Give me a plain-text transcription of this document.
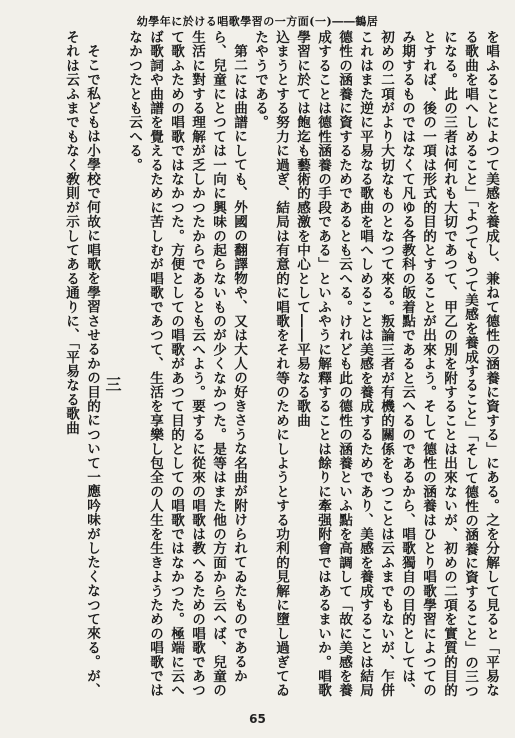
幼學年に於ける唱歌學習の一方面(一)――鶴居

を唱ふることによつて美感を養成し、兼ねて德性の涵養に資する」にある。之を分解して見ると「平易なる歌曲を唱へしめること」「よつてもつて美感を養成すること」「そして德性の涵養に資すること」の三つになる。此の三者は何れも大切であつて、甲乙の別を附することは出來ないが、初めの二項を實質的目的とすれば、後の一項は形式的目的とすることが出來よう。そして德性の涵養はひとり唱歌學習によつてのみ期するものではなくて凡ゆる各教科の皈着點であると云へるのであるから、唱歌獨自の目的としては、初めの二項がより大切なものとなつて來る。叛論三者が有機的關係をもつことは云ふまでもないが、乍併これはまた逆に平易なる歌曲を唱へしめることは美感を養成するためであり、美感を養成することは結局德性の涵養に資するためであるとも云へる。けれども此の德性の涵養といふ點を高調して「故に美感を養成することは德性涵養の手段である」といふやうに解釋することは餘りに牽强附會ではあるまいか。唱歌學習に於ては飽迄も藝術的感激を中心として――平易なる歌曲

込まうとする努力に過ぎ、結局は有意的に唱歌をそれ等のためにしようとする功利的見解に墮し過ぎてゐたやうである。

第二には曲譜にしても、外國の翻譯物や、又は大人の好きさうな名曲が附けられてゐたものであるから、兒童にとつては一向に興味の起らないものが少くなかつた。是等はまた他の方面から云へば、兒童の生活に對する理解が乏しかつたからであるとも云へよう。要するに從來の唱歌は教へるための唱歌であつて歌ふための唱歌ではなかつた。方便としての唱歌があつて目的としての唱歌ではなかつた。極端に云へば歌詞や曲譜を覺えるために苦しむが唱歌であつて、生活を享樂し包全の人生を生きようための唱歌ではなかつたとも云へる。

三

そこで私どもは小學校で何故に唱歌を學習させるかの目的について一應吟味がしたくなつて來る。が、それは云ふまでもなく敎則が示してある通りに、「平易なる歌曲

65
